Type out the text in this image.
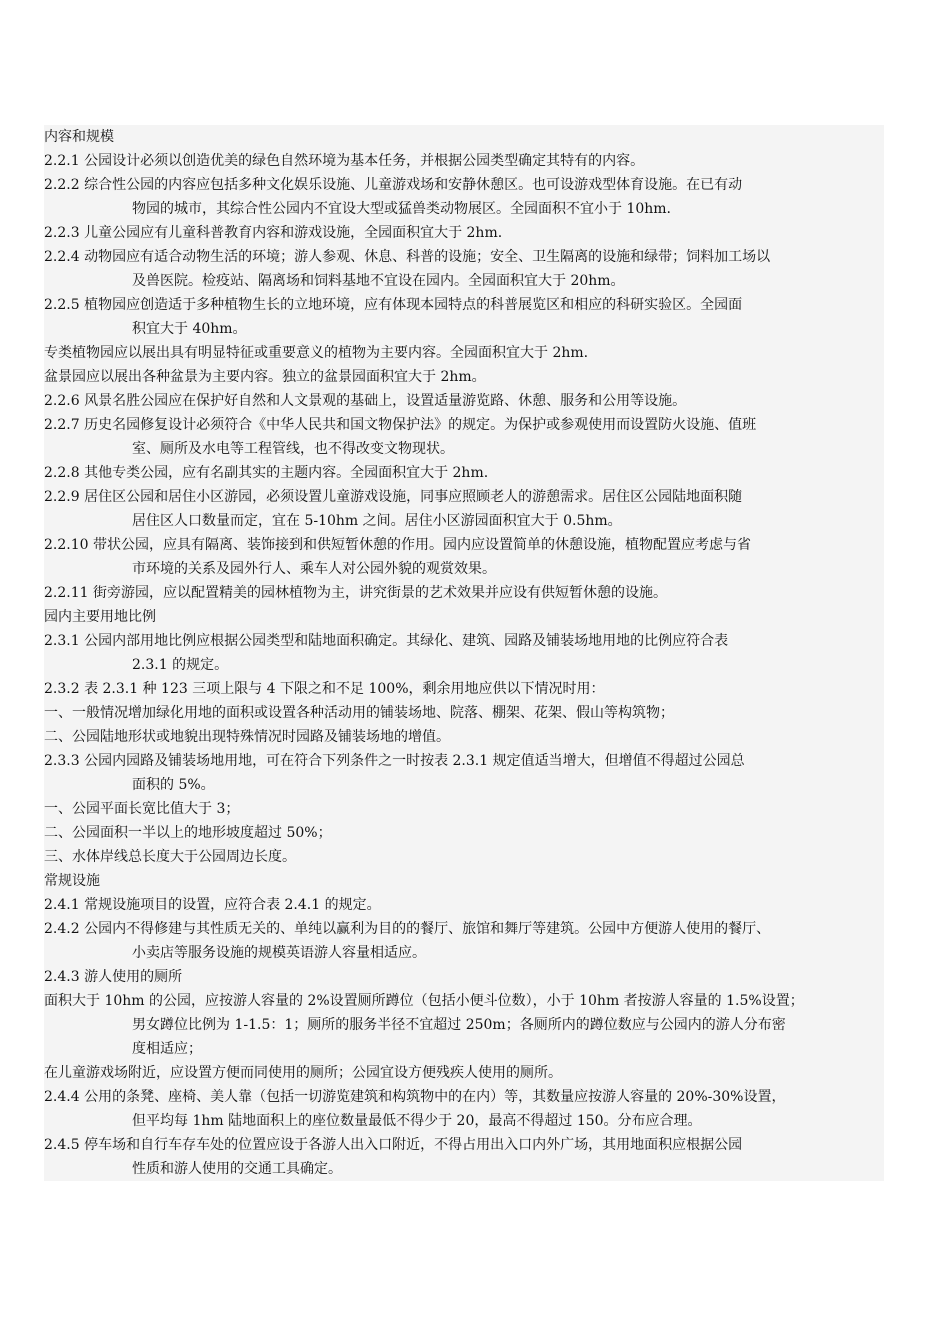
内容和规模
2.2.1 公园设计必须以创造优美的绿色自然环境为基本任务，并根据公园类型确定其特有的内容。
2.2.2 综合性公园的内容应包括多种文化娱乐设施、儿童游戏场和安静休憩区。也可设游戏型体育设施。在已有动
物园的城市，其综合性公园内不宜设大型或猛兽类动物展区。全园面积不宜小于 10hm.
2.2.3 儿童公园应有儿童科普教育内容和游戏设施，全园面积宜大于 2hm.
2.2.4 动物园应有适合动物生活的环境；游人参观、休息、科普的设施；安全、卫生隔离的设施和绿带；饲料加工场以
及兽医院。检疫站、隔离场和饲料基地不宜设在园内。全园面积宜大于 20hm。
2.2.5 植物园应创造适于多种植物生长的立地环境，应有体现本园特点的科普展览区和相应的科研实验区。全园面
积宜大于 40hm。
专类植物园应以展出具有明显特征或重要意义的植物为主要内容。全园面积宜大于 2hm.
盆景园应以展出各种盆景为主要内容。独立的盆景园面积宜大于 2hm。
2.2.6 风景名胜公园应在保护好自然和人文景观的基础上，设置适量游览路、休憩、服务和公用等设施。
2.2.7 历史名园修复设计必须符合《中华人民共和国文物保护法》的规定。为保护或参观使用而设置防火设施、值班
室、厕所及水电等工程管线，也不得改变文物现状。
2.2.8 其他专类公园，应有名副其实的主题内容。全园面积宜大于 2hm.
2.2.9 居住区公园和居住小区游园，必须设置儿童游戏设施，同事应照顾老人的游憩需求。居住区公园陆地面积随
居住区人口数量而定，宜在 5-10hm 之间。居住小区游园面积宜大于 0.5hm。
2.2.10 带状公园，应具有隔离、装饰接到和供短暂休憩的作用。园内应设置简单的休憩设施，植物配置应考虑与省
市环境的关系及园外行人、乘车人对公园外貌的观赏效果。
2.2.11 街旁游园，应以配置精美的园林植物为主，讲究街景的艺术效果并应设有供短暂休憩的设施。
园内主要用地比例
2.3.1 公园内部用地比例应根据公园类型和陆地面积确定。其绿化、建筑、园路及铺装场地用地的比例应符合表
2.3.1 的规定。
2.3.2 表 2.3.1 种 123 三项上限与 4 下限之和不足 100%，剩余用地应供以下情况时用：
一、一般情况增加绿化用地的面积或设置各种活动用的铺装场地、院落、棚架、花架、假山等构筑物；
二、公园陆地形状或地貌出现特殊情况时园路及铺装场地的增值。
2.3.3 公园内园路及铺装场地用地，可在符合下列条件之一时按表 2.3.1 规定值适当增大，但增值不得超过公园总
面积的 5%。
一、公园平面长宽比值大于 3；
二、公园面积一半以上的地形坡度超过 50%；
三、水体岸线总长度大于公园周边长度。
常规设施
2.4.1 常规设施项目的设置，应符合表 2.4.1 的规定。
2.4.2 公园内不得修建与其性质无关的、单纯以赢利为目的的餐厅、旅馆和舞厅等建筑。公园中方便游人使用的餐厅、
小卖店等服务设施的规模英语游人容量相适应。
2.4.3 游人使用的厕所
面积大于 10hm 的公园，应按游人容量的 2%设置厕所蹲位（包括小便斗位数），小于 10hm 者按游人容量的 1.5%设置；
男女蹲位比例为 1-1.5：1；厕所的服务半径不宜超过 250m；各厕所内的蹲位数应与公园内的游人分布密
度相适应；
在儿童游戏场附近，应设置方便而同使用的厕所；公园宜设方便残疾人使用的厕所。
2.4.4 公用的条凳、座椅、美人靠（包括一切游览建筑和构筑物中的在内）等，其数量应按游人容量的 20%-30%设置，
但平均每 1hm 陆地面积上的座位数量最低不得少于 20，最高不得超过 150。分布应合理。
2.4.5 停车场和自行车存车处的位置应设于各游人出入口附近，不得占用出入口内外广场，其用地面积应根据公园
性质和游人使用的交通工具确定。
